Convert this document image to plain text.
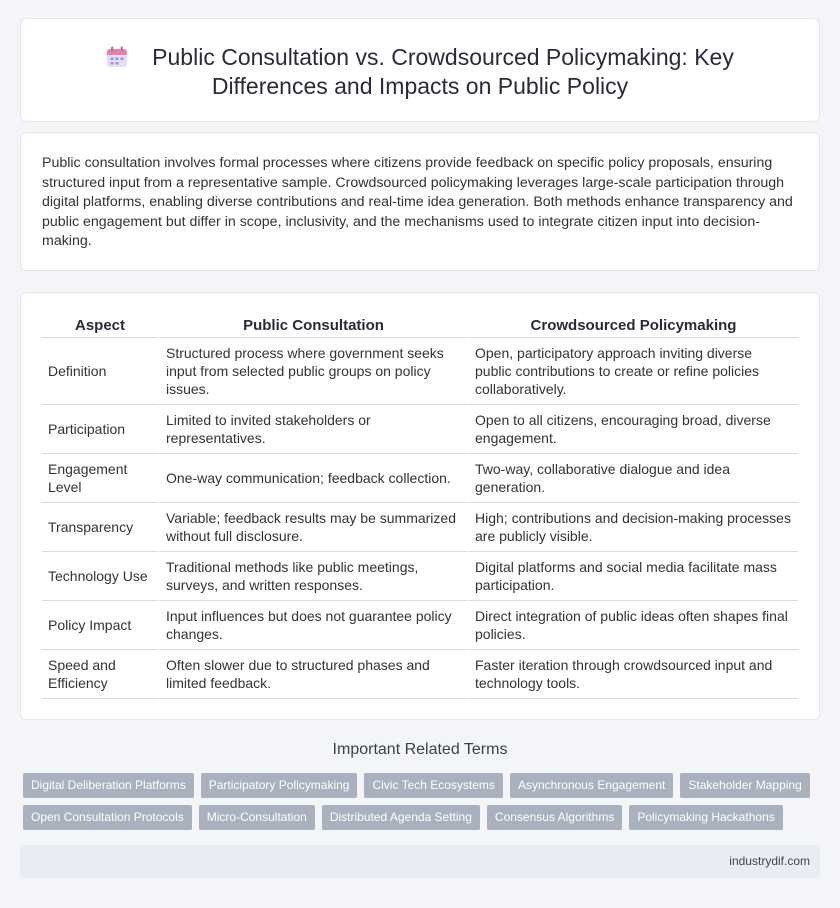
Public Consultation vs. Crowdsourced Policymaking: Key Differences and Impacts on Public Policy

Public consultation involves formal processes where citizens provide feedback on specific policy proposals, ensuring structured input from a representative sample. Crowdsourced policymaking leverages large-scale participation through digital platforms, enabling diverse contributions and real-time idea generation. Both methods enhance transparency and public engagement but differ in scope, inclusivity, and the mechanisms used to integrate citizen input into decision-making.

Aspect	Public Consultation	Crowdsourced Policymaking
Definition	Structured process where government seeks input from selected public groups on policy issues.	Open, participatory approach inviting diverse public contributions to create or refine policies collaboratively.
Participation	Limited to invited stakeholders or representatives.	Open to all citizens, encouraging broad, diverse engagement.
Engagement Level	One-way communication; feedback collection.	Two-way, collaborative dialogue and idea generation.
Transparency	Variable; feedback results may be summarized without full disclosure.	High; contributions and decision-making processes are publicly visible.
Technology Use	Traditional methods like public meetings, surveys, and written responses.	Digital platforms and social media facilitate mass participation.
Policy Impact	Input influences but does not guarantee policy changes.	Direct integration of public ideas often shapes final policies.
Speed and Efficiency	Often slower due to structured phases and limited feedback.	Faster iteration through crowdsourced input and technology tools.
Important Related Terms
Digital Deliberation Platforms	Participatory Policymaking	Civic Tech Ecosystems	Asynchronous Engagement	Stakeholder Mapping
Open Consultation Protocols	Micro-Consultation	Distributed Agenda Setting	Consensus Algorithms	Policymaking Hackathons
industrydif.com
